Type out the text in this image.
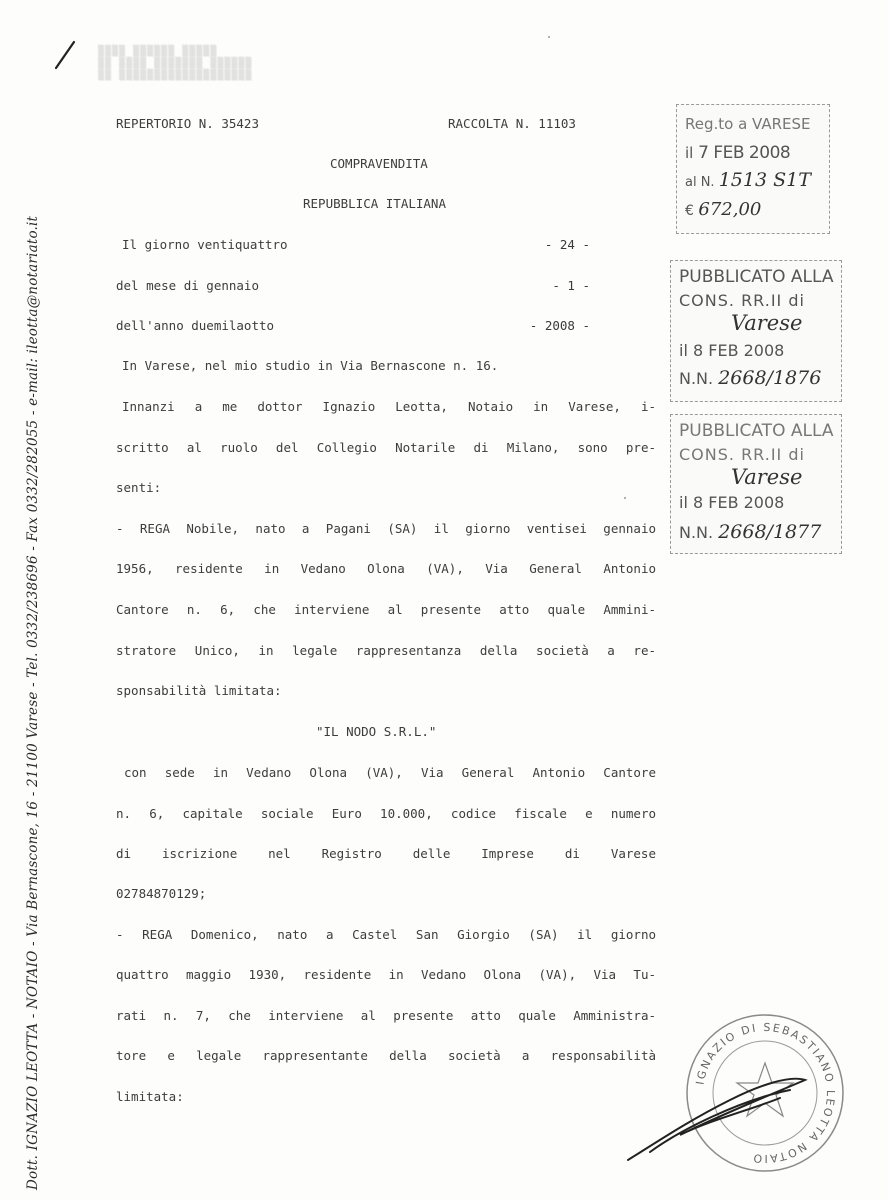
Dott. IGNAZIO LEOTTA - NOTAIO - Via Bernascone, 16 - 21100 Varese - Tel. 0332/238696 - Fax 0332/282055 - e-mail: ileotta@notariato.it
▒▒▒▒ ▒▒▒▒▒▒ ▒▒▒▒▒
▒▒ ▒▒▒▒ ▒▒▒▒▒▒▒ ▒▒▒▒▒▒
▒▒ ▒▒▒▒▒▒▒▒▒▒▒▒▒▒▒▒▒▒▒
REPERTORIO N. 35423	RACCOLTA N. 11103
COMPRAVENDITA
REPUBBLICA ITALIANA
Il giorno ventiquattro	- 24 -
del mese di gennaio	- 1 -
dell'anno duemilaotto	- 2008 -
In Varese, nel mio studio in Via Bernascone n. 16.
Innanzi a me dottor Ignazio Leotta, Notaio in Varese, i-
scritto al ruolo del Collegio Notarile di Milano, sono pre-
senti:
- REGA Nobile, nato a Pagani (SA) il giorno ventisei gennaio
1956, residente in Vedano Olona (VA), Via General Antonio
Cantore n. 6, che interviene al presente atto quale Ammini-
stratore Unico, in legale rappresentanza della società a re-
sponsabilità limitata:
"IL NODO S.R.L."
con sede in Vedano Olona (VA), Via General Antonio Cantore
n. 6, capitale sociale Euro 10.000, codice fiscale e numero
di iscrizione nel Registro delle Imprese di Varese
02784870129;
- REGA Domenico, nato a Castel San Giorgio (SA) il giorno
quattro maggio 1930, residente in Vedano Olona (VA), Via Tu-
rati n. 7, che interviene al presente atto quale Amministra-
tore e legale rappresentante della società a responsabilità
limitata:
Reg.to a VARESE
il 7 FEB 2008
al N. 1513 S1T
€ 672,00
PUBBLICATO ALLA
CONS. RR.II di
Varese
il 8 FEB 2008
N.N. 2668/1876
PUBBLICATO ALLA
CONS. RR.II di
Varese
il 8 FEB 2008
N.N. 2668/1877
IGNAZIO DI SEBASTIANO LEOTTA NOTAIO
